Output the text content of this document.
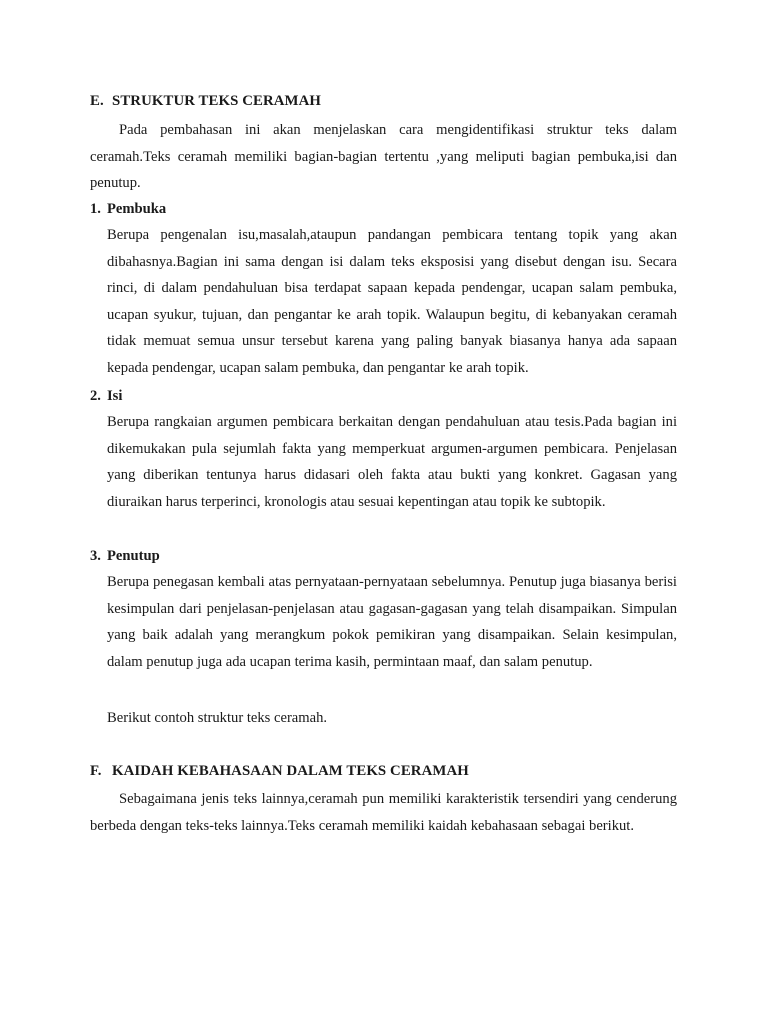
E. STRUKTUR TEKS CERAMAH

Pada pembahasan ini akan menjelaskan cara mengidentifikasi struktur teks dalam ceramah.Teks ceramah memiliki bagian-bagian tertentu ,yang meliputi bagian pembuka,isi dan penutup.

1. Pembuka

Berupa pengenalan isu,masalah,ataupun pandangan pembicara tentang topik yang akan dibahasnya.Bagian ini sama dengan isi dalam teks eksposisi yang disebut dengan isu. Secara rinci, di dalam pendahuluan bisa terdapat sapaan kepada pendengar, ucapan salam pembuka, ucapan syukur, tujuan, dan pengantar ke arah topik. Walaupun begitu, di kebanyakan ceramah tidak memuat semua unsur tersebut karena yang paling banyak biasanya hanya ada sapaan kepada pendengar, ucapan salam pembuka, dan pengantar ke arah topik.

2. Isi

Berupa rangkaian argumen pembicara berkaitan dengan pendahuluan atau tesis.Pada bagian ini dikemukakan pula sejumlah fakta yang memperkuat argumen-argumen pembicara. Penjelasan yang diberikan tentunya harus didasari oleh fakta atau bukti yang konkret. Gagasan yang diuraikan harus terperinci, kronologis atau sesuai kepentingan atau topik ke subtopik.

3. Penutup

Berupa penegasan kembali atas pernyataan-pernyataan sebelumnya. Penutup juga biasanya berisi kesimpulan dari penjelasan-penjelasan atau gagasan-gagasan yang telah disampaikan. Simpulan yang baik adalah yang merangkum pokok pemikiran yang disampaikan. Selain kesimpulan, dalam penutup juga ada ucapan terima kasih, permintaan maaf, dan salam penutup.

Berikut contoh struktur teks ceramah.
F. KAIDAH KEBAHASAAN DALAM TEKS CERAMAH

Sebagaimana jenis teks lainnya,ceramah pun memiliki karakteristik tersendiri yang cenderung berbeda dengan teks-teks lainnya.Teks ceramah memiliki kaidah kebahasaan sebagai berikut.
